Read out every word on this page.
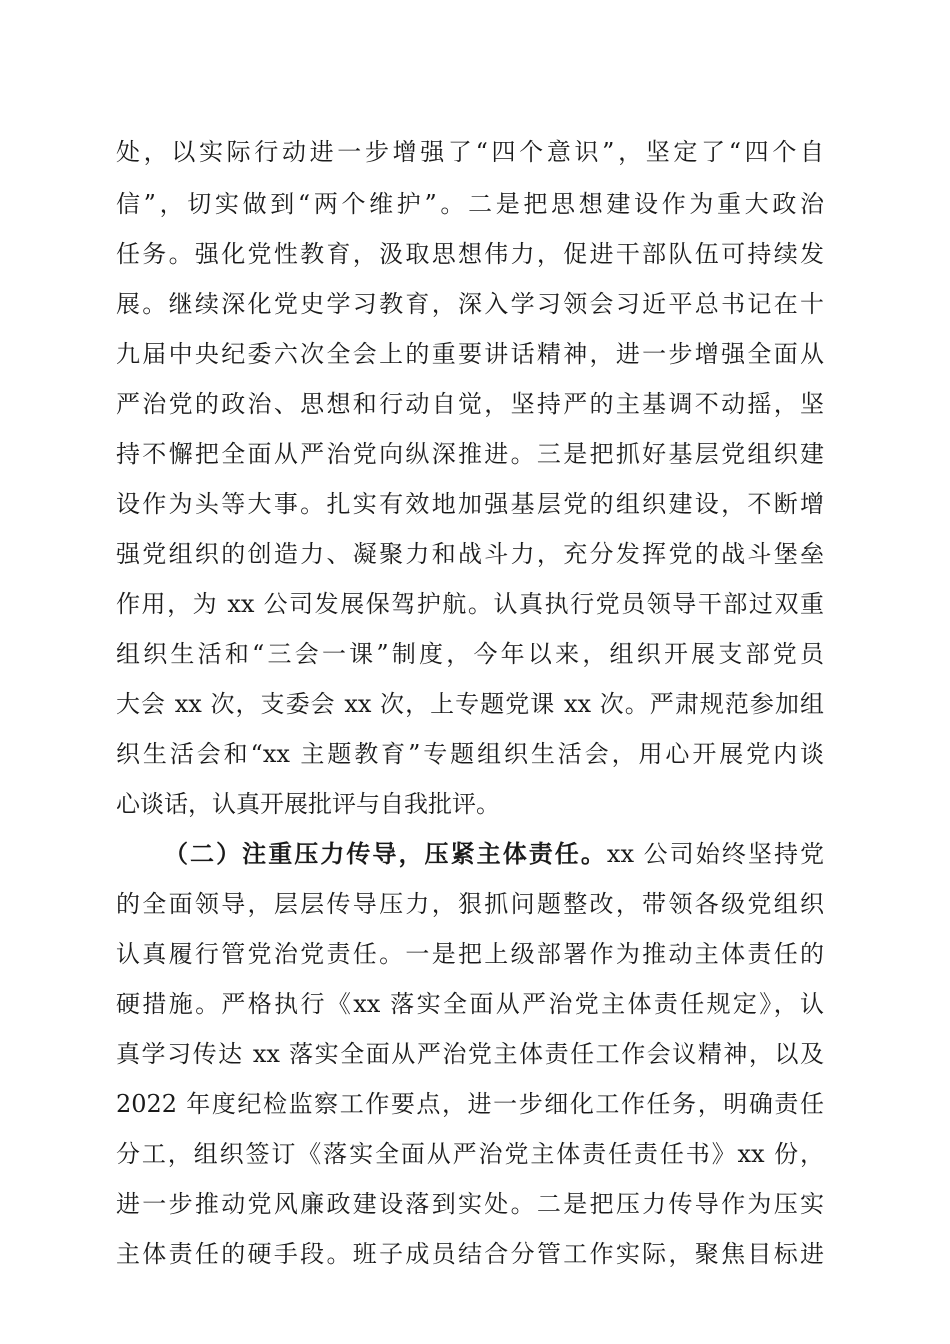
处，以实际行动进一步增强了“四个意识”，坚定了“四个自
信”，切实做到“两个维护”。二是把思想建设作为重大政治
任务。强化党性教育，汲取思想伟力，促进干部队伍可持续发
展。继续深化党史学习教育，深入学习领会习近平总书记在十
九届中央纪委六次全会上的重要讲话精神，进一步增强全面从
严治党的政治、思想和行动自觉，坚持严的主基调不动摇，坚
持不懈把全面从严治党向纵深推进。三是把抓好基层党组织建
设作为头等大事。扎实有效地加强基层党的组织建设，不断增
强党组织的创造力、凝聚力和战斗力，充分发挥党的战斗堡垒
作用，为 xx 公司发展保驾护航。认真执行党员领导干部过双重
组织生活和“三会一课”制度，今年以来，组织开展支部党员
大会 xx 次，支委会 xx 次，上专题党课 xx 次。严肃规范参加组
织生活会和“xx 主题教育”专题组织生活会，用心开展党内谈
心谈话，认真开展批评与自我批评。
（二）注重压力传导，压紧主体责任。xx 公司始终坚持党
的全面领导，层层传导压力，狠抓问题整改，带领各级党组织
认真履行管党治党责任。一是把上级部署作为推动主体责任的
硬措施。严格执行《xx 落实全面从严治党主体责任规定》，认
真学习传达 xx 落实全面从严治党主体责任工作会议精神，以及
2022 年度纪检监察工作要点，进一步细化工作任务，明确责任
分工，组织签订《落实全面从严治党主体责任责任书》xx 份，
进一步推动党风廉政建设落到实处。二是把压力传导作为压实
主体责任的硬手段。班子成员结合分管工作实际，聚焦目标进
